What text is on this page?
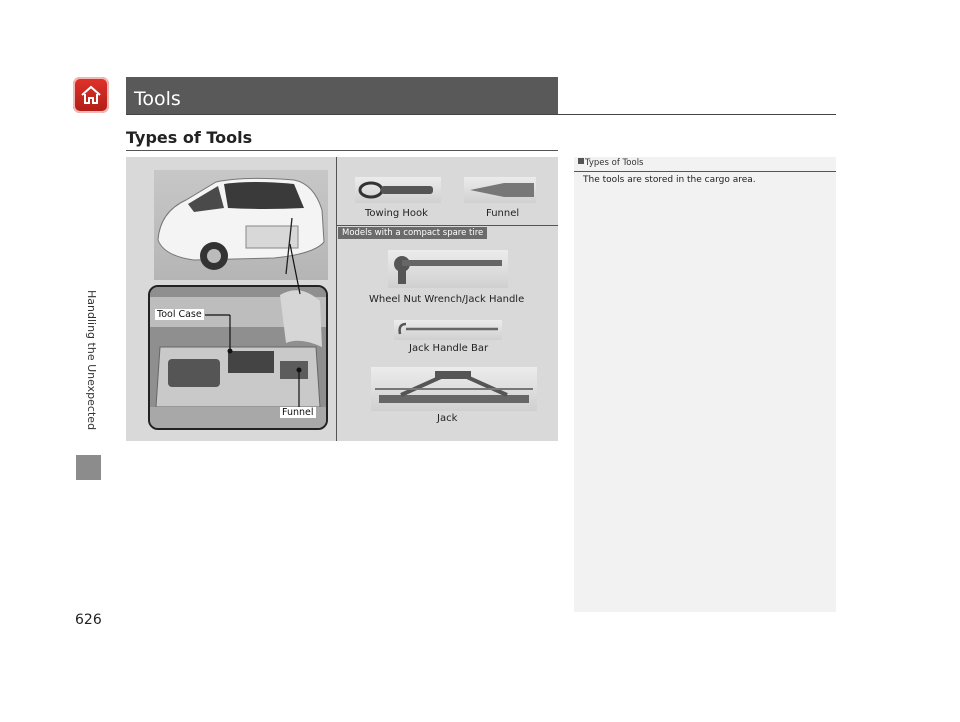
Handling the Unexpected
626
Tools
Types of Tools
Tool Case
Funnel
Towing Hook	Funnel
Models with a compact spare tire
Wheel Nut Wrench/Jack Handle
Jack Handle Bar
Jack
Types of Tools
The tools are stored in the cargo area.
